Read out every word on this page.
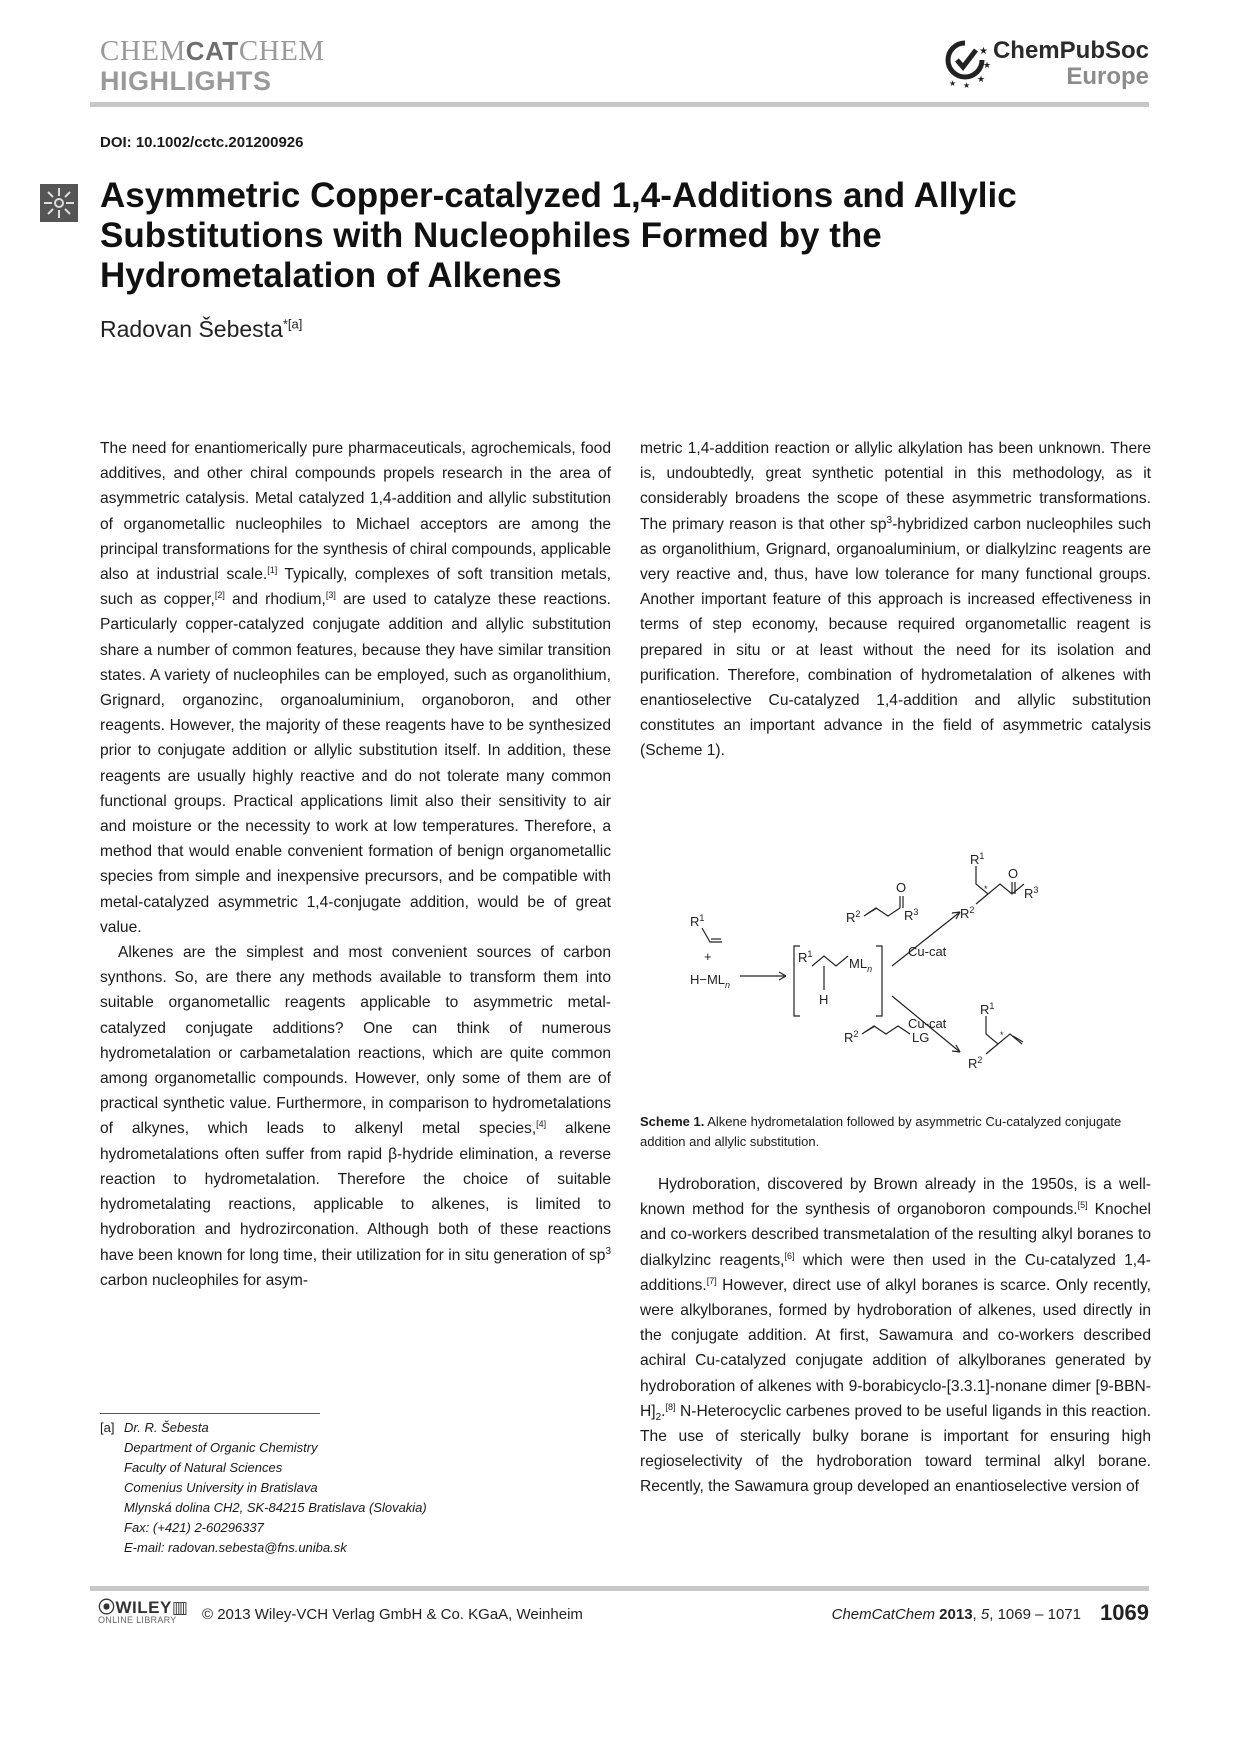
CHEMCATCHEM
HIGHLIGHTS
★
★
★
★
★
ChemPubSoc
Europe
DOI: 10.1002/cctc.201200926
Asymmetric Copper-catalyzed 1,4-Additions and Allylic Substitutions with Nucleophiles Formed by the Hydrometalation of Alkenes
Radovan Šebesta$^{*[a]}$

The need for enantiomerically pure pharmaceuticals, agrochemicals, food additives, and other chiral compounds propels research in the area of asymmetric catalysis. Metal catalyzed 1,4-addition and allylic substitution of organometallic nucleophiles to Michael acceptors are among the principal transformations for the synthesis of chiral compounds, applicable also at industrial scale.[1] Typically, complexes of soft transition metals, such as copper,[2] and rhodium,[3] are used to catalyze these reactions. Particularly copper-catalyzed conjugate addition and allylic substitution share a number of common features, because they have similar transition states. A variety of nucleophiles can be employed, such as organolithium, Grignard, organozinc, organoaluminium, organoboron, and other reagents. However, the majority of these reagents have to be synthesized prior to conjugate addition or allylic substitution itself. In addition, these reagents are usually highly reactive and do not tolerate many common functional groups. Practical applications limit also their sensitivity to air and moisture or the necessity to work at low temperatures. Therefore, a method that would enable convenient formation of benign organometallic species from simple and inexpensive precursors, and be compatible with metal-catalyzed asymmetric 1,4-conjugate addition, would be of great value.

Alkenes are the simplest and most convenient sources of carbon synthons. So, are there any methods available to transform them into suitable organometallic reagents applicable to asymmetric metal-catalyzed conjugate additions? One can think of numerous hydrometalation or carbametalation reactions, which are quite common among organometallic compounds. However, only some of them are of practical synthetic value. Furthermore, in comparison to hydrometalations of alkynes, which leads to alkenyl metal species,[4] alkene hydrometalations often suffer from rapid β-hydride elimination, a reverse reaction to hydrometalation. Therefore the choice of suitable hydrometalating reactions, applicable to alkenes, is limited to hydroboration and hydrozirconation. Although both of these reactions have been known for long time, their utilization for in situ generation of $sp^3$ carbon nucleophiles for asym-

metric 1,4-addition reaction or allylic alkylation has been unknown. There is, undoubtedly, great synthetic potential in this methodology, as it considerably broadens the scope of these asymmetric transformations. The primary reason is that other $sp^3$-hybridized carbon nucleophiles such as organolithium, Grignard, organoaluminium, or dialkylzinc reagents are very reactive and, thus, have low tolerance for many functional groups. Another important feature of this approach is increased effectiveness in terms of step economy, because required organometallic reagent is prepared in situ or at least without the need for its isolation and purification. Therefore, combination of hydrometalation of alkenes with enantioselective Cu-catalyzed 1,4-addition and allylic substitution constitutes an important advance in the field of asymmetric catalysis (Scheme 1).

$R^1$
+
$H-ML_n$
$R^1$
$ML_n$
H
$R^2$
O
$R^3$
Cu-cat
$R^1$
*
O
$R^2$
$R^3$
Cu-cat
$R^2$	LG
$R^1$
*
$R^2$
Scheme 1. Alkene hydrometalation followed by asymmetric Cu-catalyzed conjugate addition and allylic substitution.

Hydroboration, discovered by Brown already in the 1950s, is a well-known method for the synthesis of organoboron compounds.[5] Knochel and co-workers described transmetalation of the resulting alkyl boranes to dialkylzinc reagents,[6] which were then used in the Cu-catalyzed 1,4-additions.[7] However, direct use of alkyl boranes is scarce. Only recently, were alkylboranes, formed by hydroboration of alkenes, used directly in the conjugate addition. At first, Sawamura and co-workers described achiral Cu-catalyzed conjugate addition of alkylboranes generated by hydroboration of alkenes with 9-borabicyclo-[3.3.1]-nonane dimer $[9-BBN-H]_2.[8]$ N-Heterocyclic carbenes proved to be useful ligands in this reaction. The use of sterically bulky borane is important for ensuring high regioselectivity of the hydroboration toward terminal alkyl borane. Recently, the Sawamura group developed an enantioselective version of

[a] Dr. R. Šebesta
Department of Organic Chemistry
Faculty of Natural Sciences
Comenius University in Bratislava
Mlynská dolina CH2, SK-84215 Bratislava (Slovakia)
Fax: (+421) 2-60296337
E-mail: radovan.sebesta@fns.uniba.sk
⦿WILEY▥
ONLINE LIBRARY	© 2013 Wiley-VCH Verlag GmbH & Co. KGaA, Weinheim	ChemCatChem 2013, 5, 1069 – 1071 1069
